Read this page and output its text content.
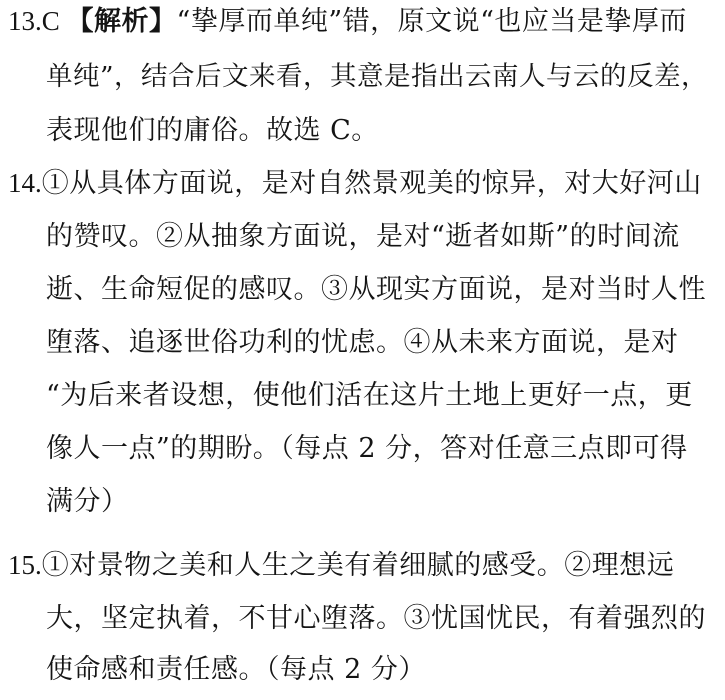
13.C 【解析】“挚厚而单纯”错，原文说“也应当是挚厚而
单纯”，结合后文来看，其意是指出云南人与云的反差，
表现他们的庸俗。故选 C。
14.①从具体方面说，是对自然景观美的惊异，对大好河山
的赞叹。②从抽象方面说，是对“逝者如斯”的时间流
逝、生命短促的感叹。③从现实方面说，是对当时人性
堕落、追逐世俗功利的忧虑。④从未来方面说，是对
“为后来者设想，使他们活在这片土地上更好一点，更
像人一点”的期盼。（每点 2 分，答对任意三点即可得
满分）
15.①对景物之美和人生之美有着细腻的感受。②理想远
大，坚定执着，不甘心堕落。③忧国忧民，有着强烈的
使命感和责任感。（每点 2 分）
